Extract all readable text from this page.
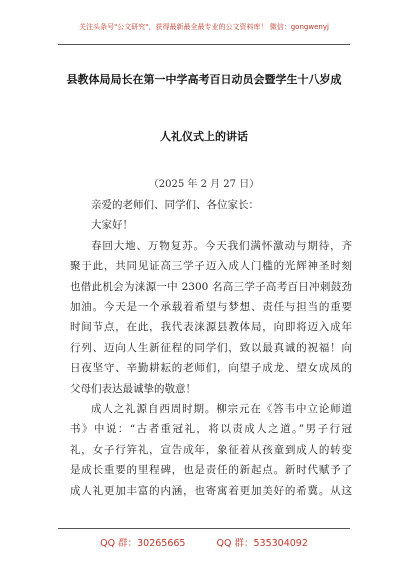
关注头条号"公文研究"，获得最新最全最专业的公文资料库！ 微信：gongwenyj
县教体局局长在第一中学高考百日动员会暨学生十八岁成
人礼仪式上的讲话
（2025 年 2 月 27 日）

亲爱的老师们、同学们、各位家长：

大家好！

春回大地、万物复苏。今天我们满怀激动与期待，齐

聚于此，共同见证高三学子迈入成人门槛的光辉神圣时刻

也借此机会为涞源一中 2300 名高三学子高考百日冲刺鼓劲

加油。今天是一个承载着希望与梦想、责任与担当的重要

时间节点，在此，我代表涞源县教体局，向即将迈入成年

行列、迈向人生新征程的同学们，致以最真诚的祝福！向

日夜坚守、辛勤耕耘的老师们，向望子成龙、望女成凤的

父母们表达最诚挚的敬意！

成人之礼源自西周时期。柳宗元在《答韦中立论师道

书》中说：“古者重冠礼，将以责成人之道。”男子行冠

礼，女子行笄礼，宣告成年，象征着从孩童到成人的转变

是成长重要的里程碑，也是责任的新起点。新时代赋予了

成人礼更加丰富的内涵，也寄寓着更加美好的希冀。从这

QQ 群：30265665	QQ 群：535304092
